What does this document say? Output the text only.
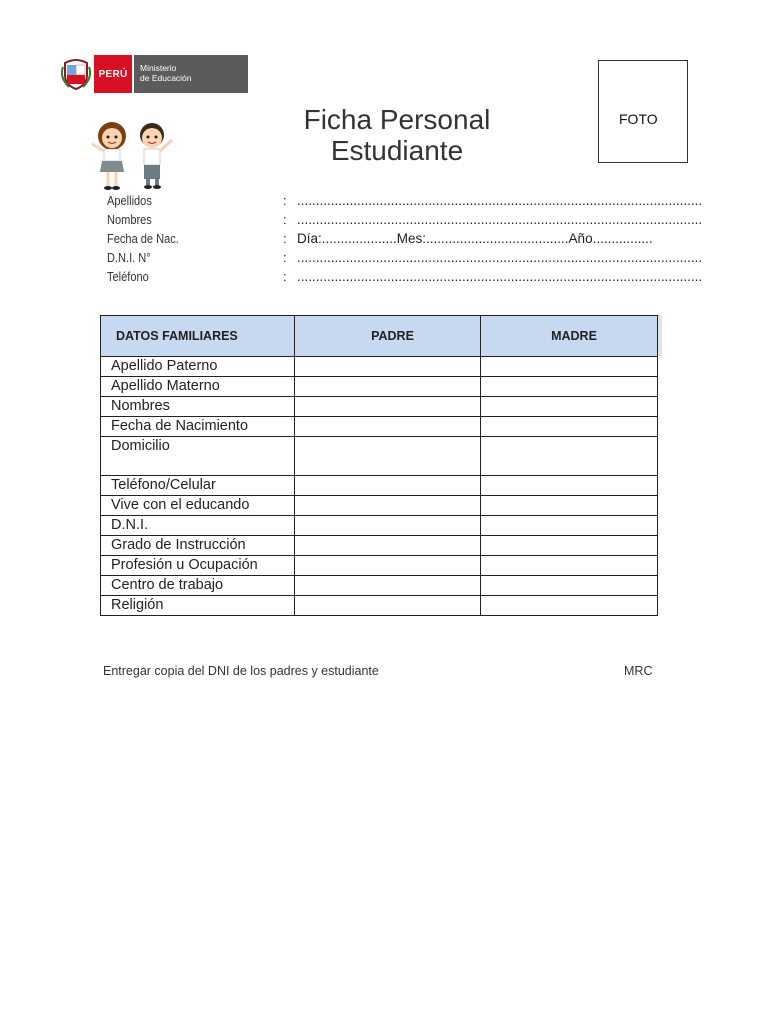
PERÚ
Ministerio
de Educación
Ficha Personal
Estudiante
FOTO
Apellidos	: ............................................................................................................
Nombres	: ............................................................................................................
Fecha de Nac.	: Día:....................Mes:......................................Año................
D.N.I. N°	: ............................................................................................................
Teléfono	: ............................................................................................................
DATOS FAMILIARES	PADRE	MADRE
Apellido Paterno		
Apellido Materno		
Nombres		
Fecha de Nacimiento		
Domicilio		
Teléfono/Celular		
Vive con el educando		
D.N.I.		
Grado de Instrucción		
Profesión u Ocupación		
Centro de trabajo		
Religión		
Entregar copia del DNI de los padres y estudiante	MRC
